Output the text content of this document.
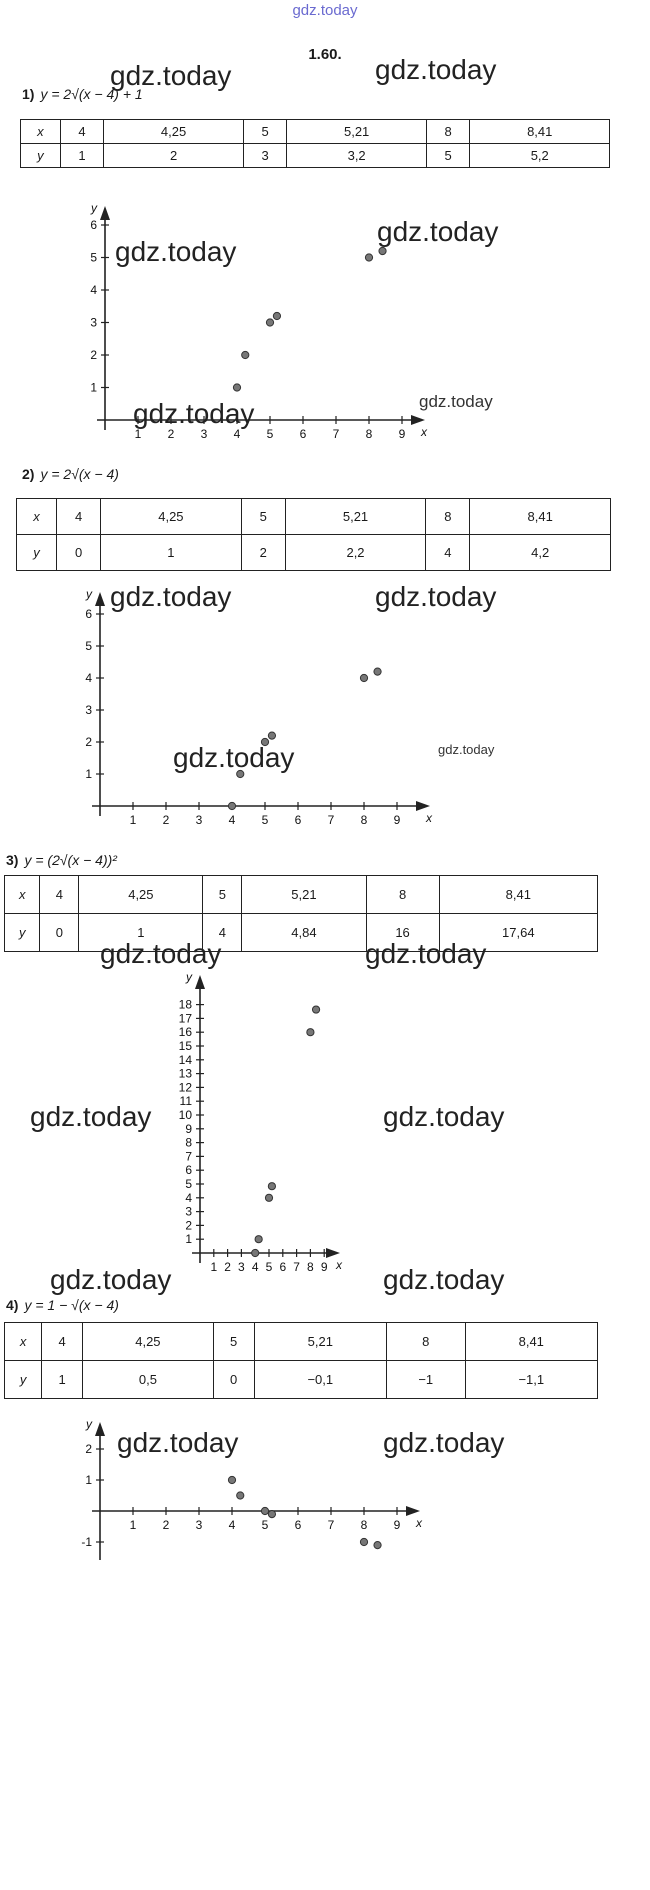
gdz.today
1.60.
1) y = 2√(x − 4) + 1
x	4	4,25	5	5,21	8	8,41
y	1	2	3	3,2	5	5,2
x
y
1 2 3 4 5 6 7 8 9
1
2
3
4
5
6
2) y = 2√(x − 4)
x	4	4,25	5	5,21	8	8,41
y	0	1	2	2,2	4	4,2
x
y
1 2 3 4 5 6 7 8 9
1
2
3
4
5
6
3) y = (2√(x − 4))²
x	4	4,25	5	5,21	8	8,41
y	0	1	4	4,84	16	17,64
x
y
1 2 3 4 5 6 7 8 9
1
2
3
4
5
6
7
8
9
10
11
12
13
14
15
16
17
18
4) y = 1 − √(x − 4)
x	4	4,25	5	5,21	8	8,41
y	1	0,5	0	−0,1	−1	−1,1
x
y
1 2 3 4 5 6 7 8 9
-1
1
2
gdz.today	gdz.today
gdz.today
gdz.today
gdz.today	gdz.today
gdz.today	gdz.today
gdz.today	gdz.today
gdz.today	gdz.today
gdz.today	gdz.today
gdz.today	gdz.today
gdz.today	gdz.today
